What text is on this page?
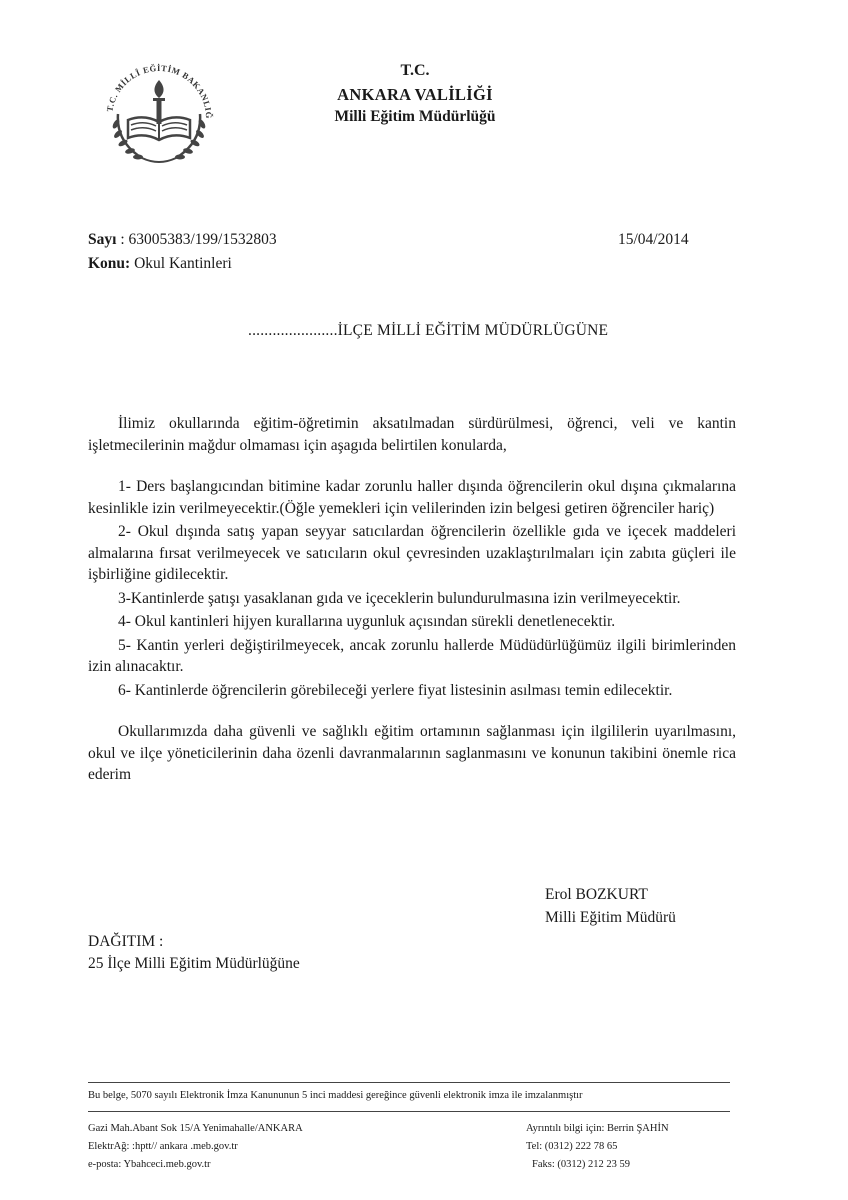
T.C. MİLLÎ EĞİTİM BAKANLIĞ
T.C.
ANKARA VALİLİĞİ
Milli Eğitim Müdürlüğü
Sayı : 63005383/199/1532803
Konu: Okul Kantinleri
15/04/2014
......................İLÇE MİLLİ EĞİTİM MÜDÜRLÜGÜNE

İlimiz okullarında eğitim-öğretimin aksatılmadan sürdürülmesi, öğrenci, veli ve kantin işletmecilerinin mağdur olmaması için aşagıda belirtilen konularda,

1- Ders başlangıcından bitimine kadar zorunlu haller dışında öğrencilerin okul dışına çıkmalarına kesinlikle izin verilmeyecektir.(Öğle yemekleri için velilerinden izin belgesi getiren öğrenciler hariç)

2- Okul dışında satış yapan seyyar satıcılardan öğrencilerin özellikle gıda ve içecek maddeleri almalarına fırsat verilmeyecek ve satıcıların okul çevresinden uzaklaştırılmaları için zabıta güçleri ile işbirliğine gidilecektir.

3-Kantinlerde şatışı yasaklanan gıda ve içeceklerin bulundurulmasına izin verilmeyecektir.

4- Okul kantinleri hijyen kurallarına uygunluk açısından sürekli denetlenecektir.

5- Kantin yerleri değiştirilmeyecek, ancak zorunlu hallerde Müdüdürlüğümüz ilgili birimlerinden izin alınacaktır.

6- Kantinlerde öğrencilerin görebileceği yerlere fiyat listesinin asılması temin edilecektir.

Okullarımızda daha güvenli ve sağlıklı eğitim ortamının sağlanması için ilgililerin uyarılmasını, okul ve ilçe yöneticilerinin daha özenli davranmalarının saglanmasını ve konunun takibini önemle rica ederim

Erol BOZKURT
Milli Eğitim Müdürü
DAĞITIM :
25 İlçe Milli Eğitim Müdürlüğüne
Bu belge, 5070 sayılı Elektronik İmza Kanununun 5 inci maddesi gereğince güvenli elektronik imza ile imzalanmıştır
Gazi Mah.Abant Sok 15/A Yenimahalle/ANKARA
ElektrAğ: :hptt// ankara .meb.gov.tr
e-posta: Ybahceci.meb.gov.tr
Ayrıntılı bilgi için: Berrin ŞAHİN
Tel: (0312) 222 78 65
Faks: (0312) 212 23 59
